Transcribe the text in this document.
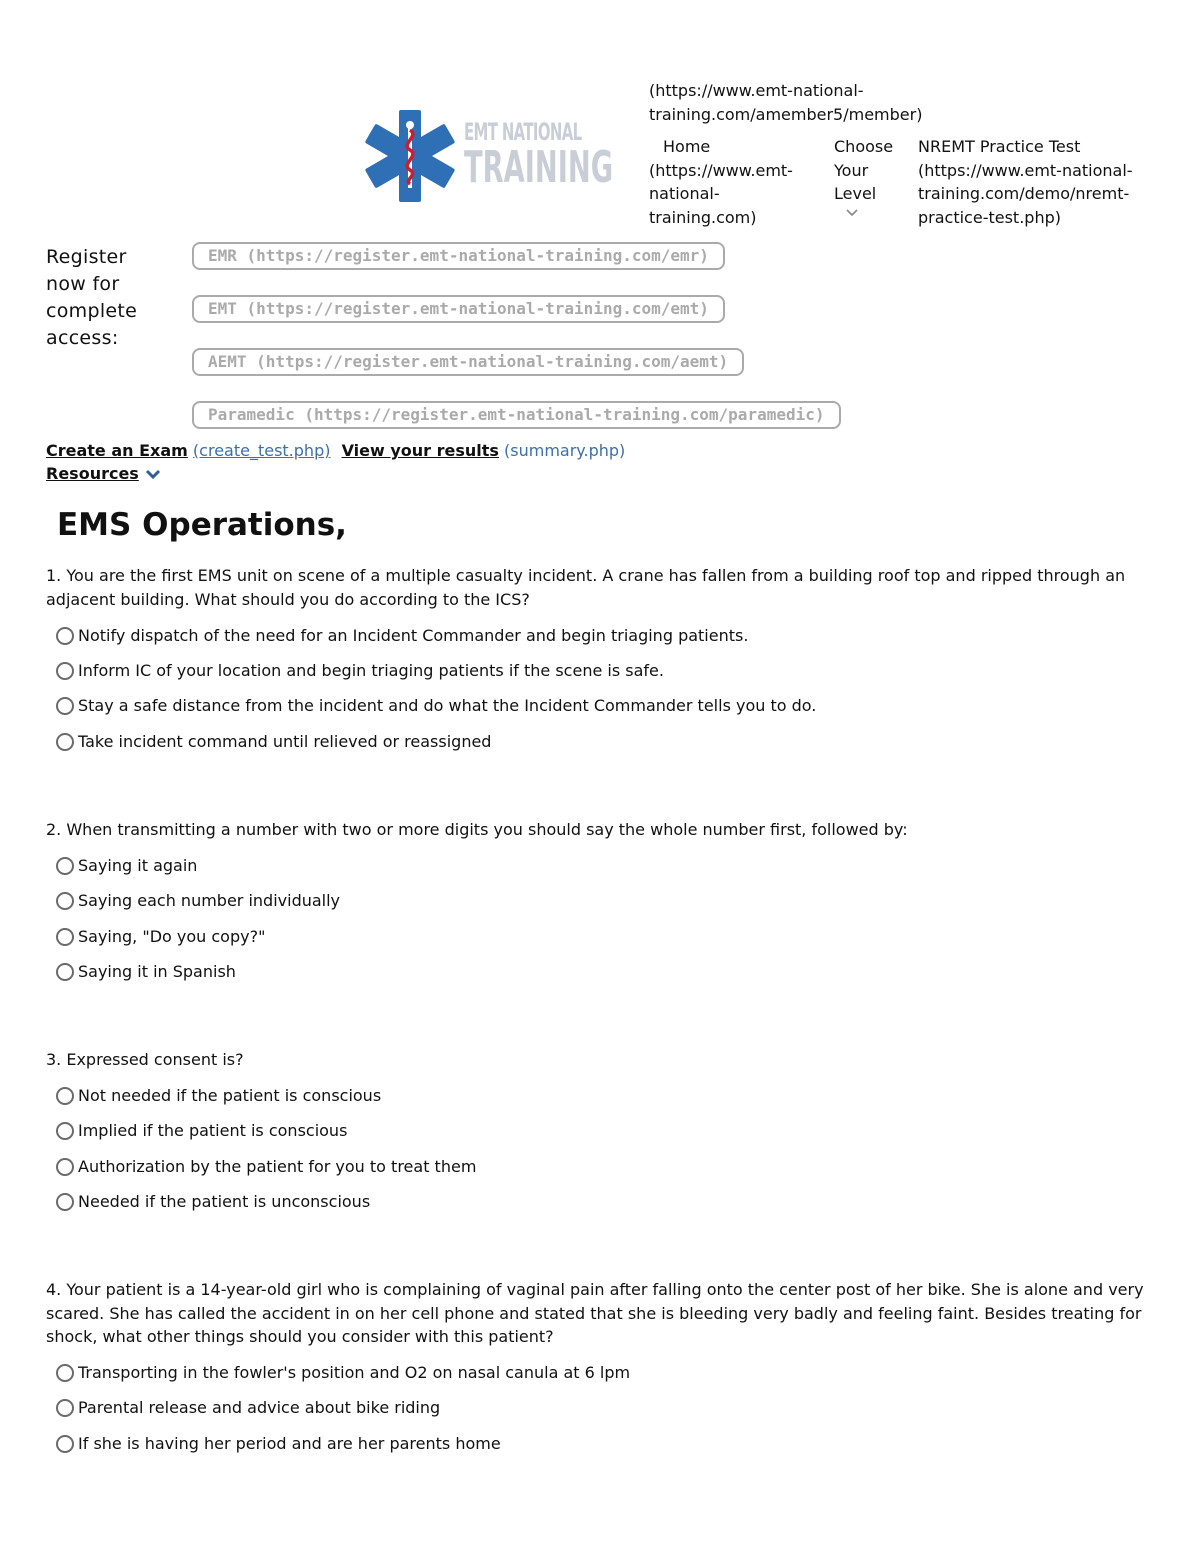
EMT NATIONAL
TRAINING
(https://www.emt-national-training.com/amember5/member)
Home
(https://www.emt-national-training.com)
Choose Your Level
NREMT Practice Test
(https://www.emt-national-training.com/demo/nremt-practice-test.php)
Register now for complete access:
EMR (https://register.emt-national-training.com/emr)
EMT (https://register.emt-national-training.com/emt)
AEMT (https://register.emt-national-training.com/aemt)
Paramedic (https://register.emt-national-training.com/paramedic)
Create an Exam (create_test.php) View your results (summary.php)
Resources
EMS Operations,

1. You are the first EMS unit on scene of a multiple casualty incident. A crane has fallen from a building roof top and ripped through an adjacent building. What should you do according to the ICS?

Notify dispatch of the need for an Incident Commander and begin triaging patients.
Inform IC of your location and begin triaging patients if the scene is safe.
Stay a safe distance from the incident and do what the Incident Commander tells you to do.
Take incident command until relieved or reassigned

2. When transmitting a number with two or more digits you should say the whole number first, followed by:

Saying it again
Saying each number individually
Saying, "Do you copy?"
Saying it in Spanish

3. Expressed consent is?

Not needed if the patient is conscious
Implied if the patient is conscious
Authorization by the patient for you to treat them
Needed if the patient is unconscious

4. Your patient is a 14-year-old girl who is complaining of vaginal pain after falling onto the center post of her bike. She is alone and very scared. She has called the accident in on her cell phone and stated that she is bleeding very badly and feeling faint. Besides treating for shock, what other things should you consider with this patient?

Transporting in the fowler's position and O2 on nasal canula at 6 lpm
Parental release and advice about bike riding
If she is having her period and are her parents home
